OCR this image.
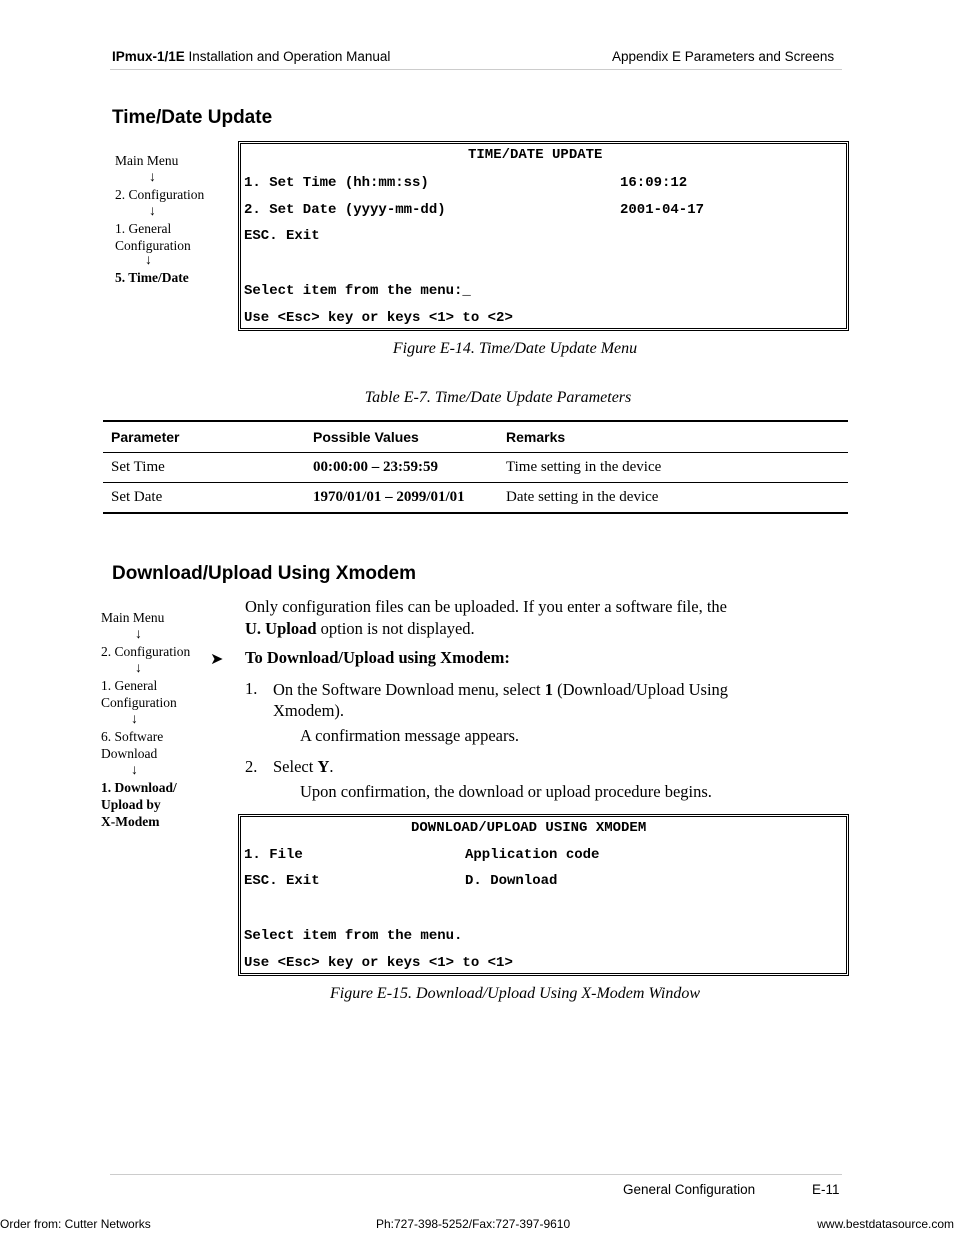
IPmux-1/1E Installation and Operation Manual	Appendix E Parameters and Screens
Time/Date Update
Main Menu
↓
2. Configuration
↓
1. General Configuration
↓
5. Time/Date
TIME/DATE UPDATE
1. Set Time (hh:mm:ss)	16:09:12
2. Set Date (yyyy-mm-dd)	2001-04-17
ESC. Exit
Select item from the menu:_
Use <Esc> key or keys <1> to <2>
Figure E-14. Time/Date Update Menu
Table E-7. Time/Date Update Parameters
Parameter	Possible Values	Remarks
Set Time	00:00:00 – 23:59:59	Time setting in the device
Set Date	1970/01/01 – 2099/01/01	Date setting in the device
Download/Upload Using Xmodem
Main Menu
↓
2. Configuration
↓
1. General
Configuration
↓
6. Software
Download
↓
1. Download/
Upload by
X-Modem
Only configuration files can be uploaded. If you enter a software file, the
U. Upload option is not displayed.
➤ To Download/Upload using Xmodem:
1. On the Software Download menu, select 1 (Download/Upload Using
Xmodem).
A confirmation message appears.
2. Select Y.
Upon confirmation, the download or upload procedure begins.
DOWNLOAD/UPLOAD USING XMODEM
1. File	Application code
ESC. Exit	D. Download
Select item from the menu.
Use <Esc> key or keys <1> to <1>
Figure E-15. Download/Upload Using X-Modem Window
General Configuration	E-11
Order from: Cutter Networks	Ph:727-398-5252/Fax:727-397-9610	www.bestdatasource.com
